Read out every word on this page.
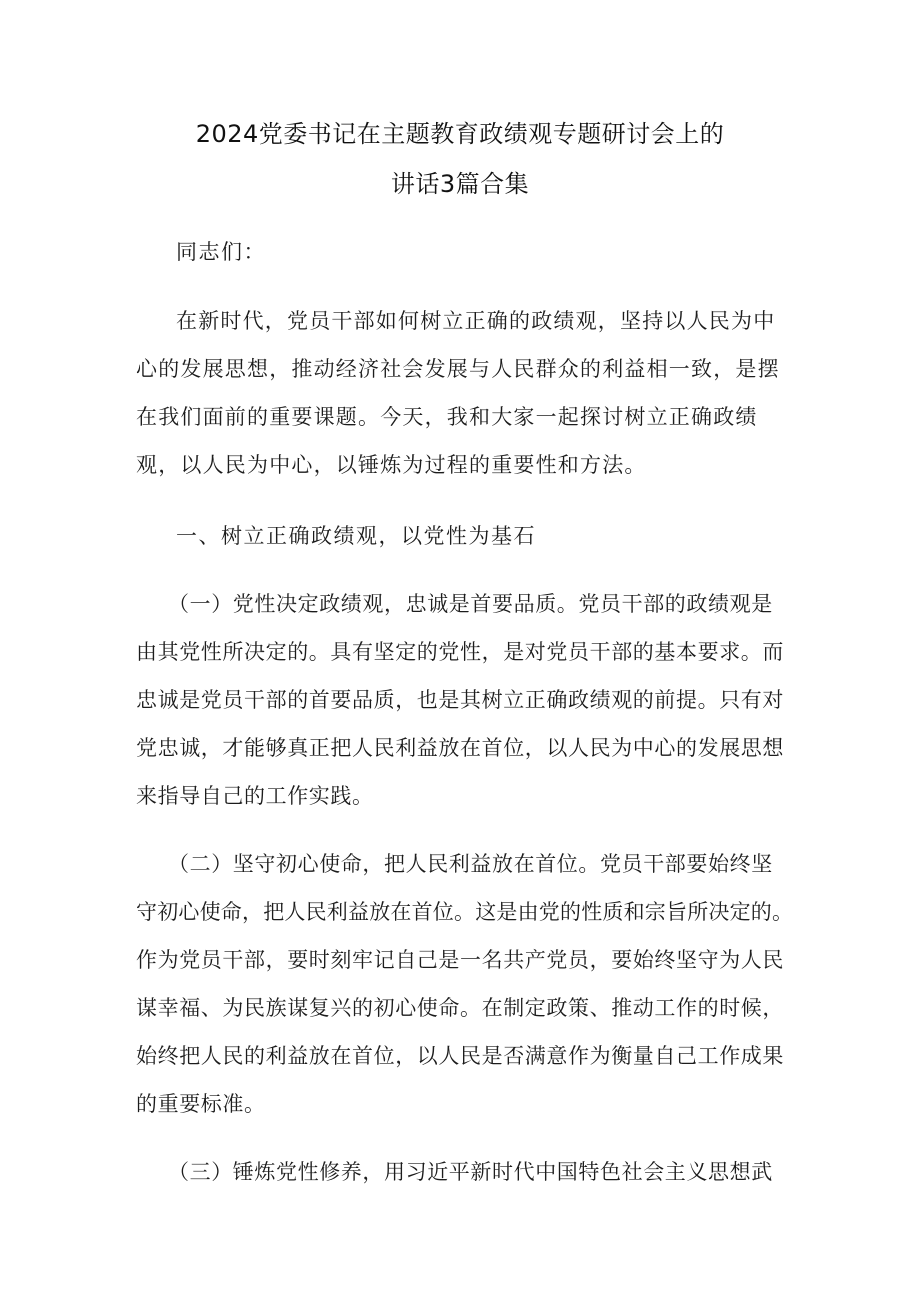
2024党委书记在主题教育政绩观专题研讨会上的
讲话3篇合集
同志们：
在新时代，党员干部如何树立正确的政绩观，坚持以人民为中
心的发展思想，推动经济社会发展与人民群众的利益相一致，是摆
在我们面前的重要课题。今天，我和大家一起探讨树立正确政绩
观，以人民为中心，以锤炼为过程的重要性和方法。
一、树立正确政绩观，以党性为基石
（一）党性决定政绩观，忠诚是首要品质。党员干部的政绩观是
由其党性所决定的。具有坚定的党性，是对党员干部的基本要求。而
忠诚是党员干部的首要品质，也是其树立正确政绩观的前提。只有对
党忠诚，才能够真正把人民利益放在首位，以人民为中心的发展思想
来指导自己的工作实践。
（二）坚守初心使命，把人民利益放在首位。党员干部要始终坚
守初心使命，把人民利益放在首位。这是由党的性质和宗旨所决定的。
作为党员干部，要时刻牢记自己是一名共产党员，要始终坚守为人民
谋幸福、为民族谋复兴的初心使命。在制定政策、推动工作的时候，
始终把人民的利益放在首位，以人民是否满意作为衡量自己工作成果
的重要标准。
（三）锤炼党性修养，用习近平新时代中国特色社会主义思想武
